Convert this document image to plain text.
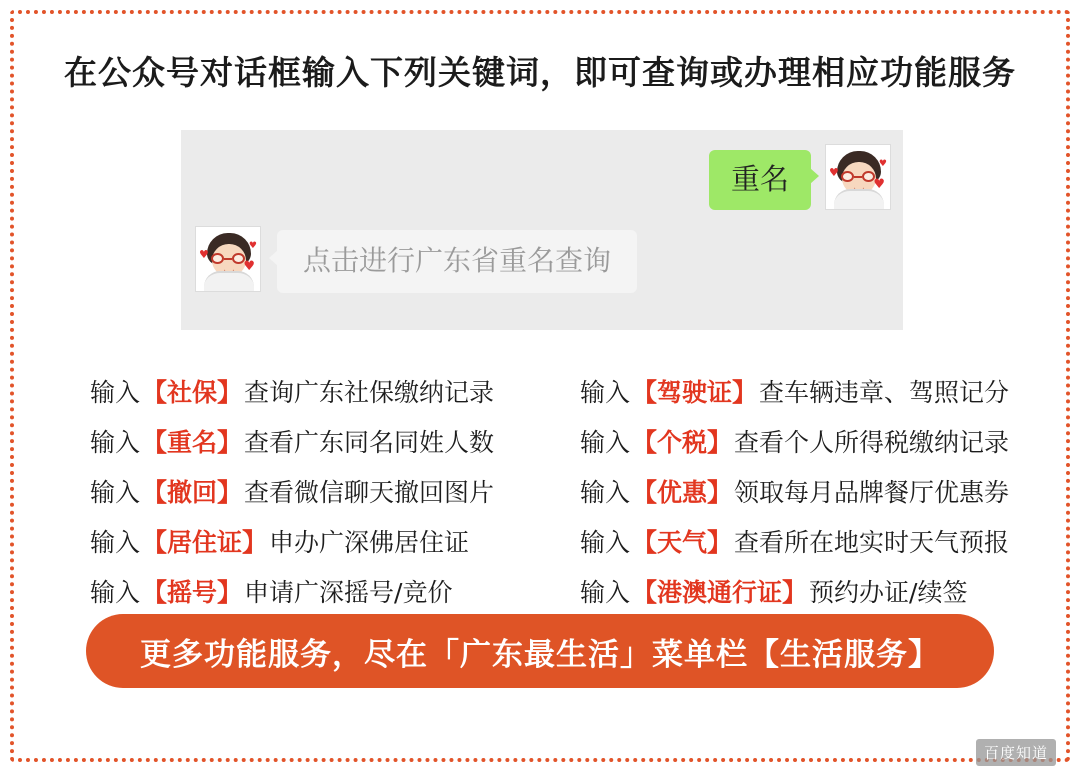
在公众号对话框输入下列关键词，即可查询或办理相应功能服务
重名	♥
♥
♥
♥
♥
♥	点击进行广东省重名查询
输入 【社保】 查询广东社保缴纳记录	输入 【驾驶证】 查车辆违章、驾照记分
输入 【重名】 查看广东同名同姓人数	输入 【个税】 查看个人所得税缴纳记录
输入 【撤回】 查看微信聊天撤回图片	输入 【优惠】 领取每月品牌餐厅优惠券
输入 【居住证】 申办广深佛居住证	输入 【天气】 查看所在地实时天气预报
输入 【摇号】 申请广深摇号/竞价	输入 【港澳通行证】 预约办证/续签
更多功能服务，尽在「广东最生活」菜单栏【生活服务】
百度知道
